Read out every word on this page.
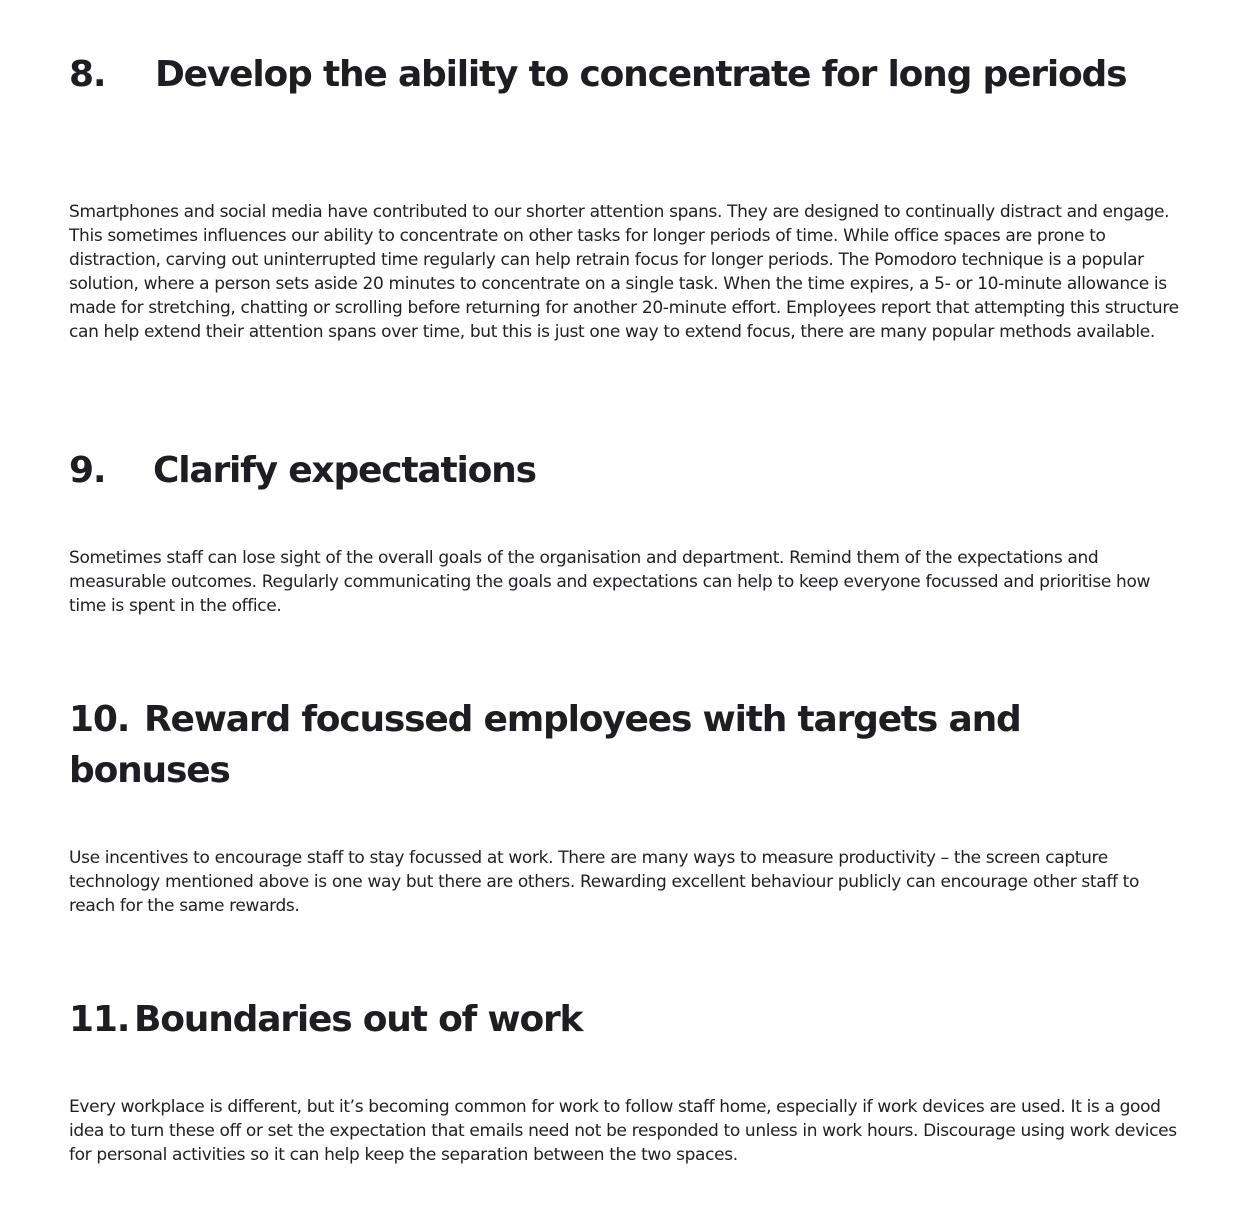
8. Develop the ability to concentrate for long periods

Smartphones and social media have contributed to our shorter attention spans. They are designed to continually distract and engage. This sometimes influences our ability to concentrate on other tasks for longer periods of time. While office spaces are prone to distraction, carving out uninterrupted time regularly can help retrain focus for longer periods. The Pomodoro technique is a popular solution, where a person sets aside 20 minutes to concentrate on a single task. When the time expires, a 5- or 10-minute allowance is made for stretching, chatting or scrolling before returning for another 20-minute effort. Employees report that attempting this structure can help extend their attention spans over time, but this is just one way to extend focus, there are many popular methods available.

9. Clarify expectations

Sometimes staff can lose sight of the overall goals of the organisation and department. Remind them of the expectations and measurable outcomes. Regularly communicating the goals and expectations can help to keep everyone focussed and prioritise how time is spent in the office.

10. Reward focussed employees with targets and bonuses

Use incentives to encourage staff to stay focussed at work. There are many ways to measure productivity – the screen capture technology mentioned above is one way but there are others. Rewarding excellent behaviour publicly can encourage other staff to reach for the same rewards.

11. Boundaries out of work

Every workplace is different, but it’s becoming common for work to follow staff home, especially if work devices are used. It is a good idea to turn these off or set the expectation that emails need not be responded to unless in work hours. Discourage using work devices for personal activities so it can help keep the separation between the two spaces.
